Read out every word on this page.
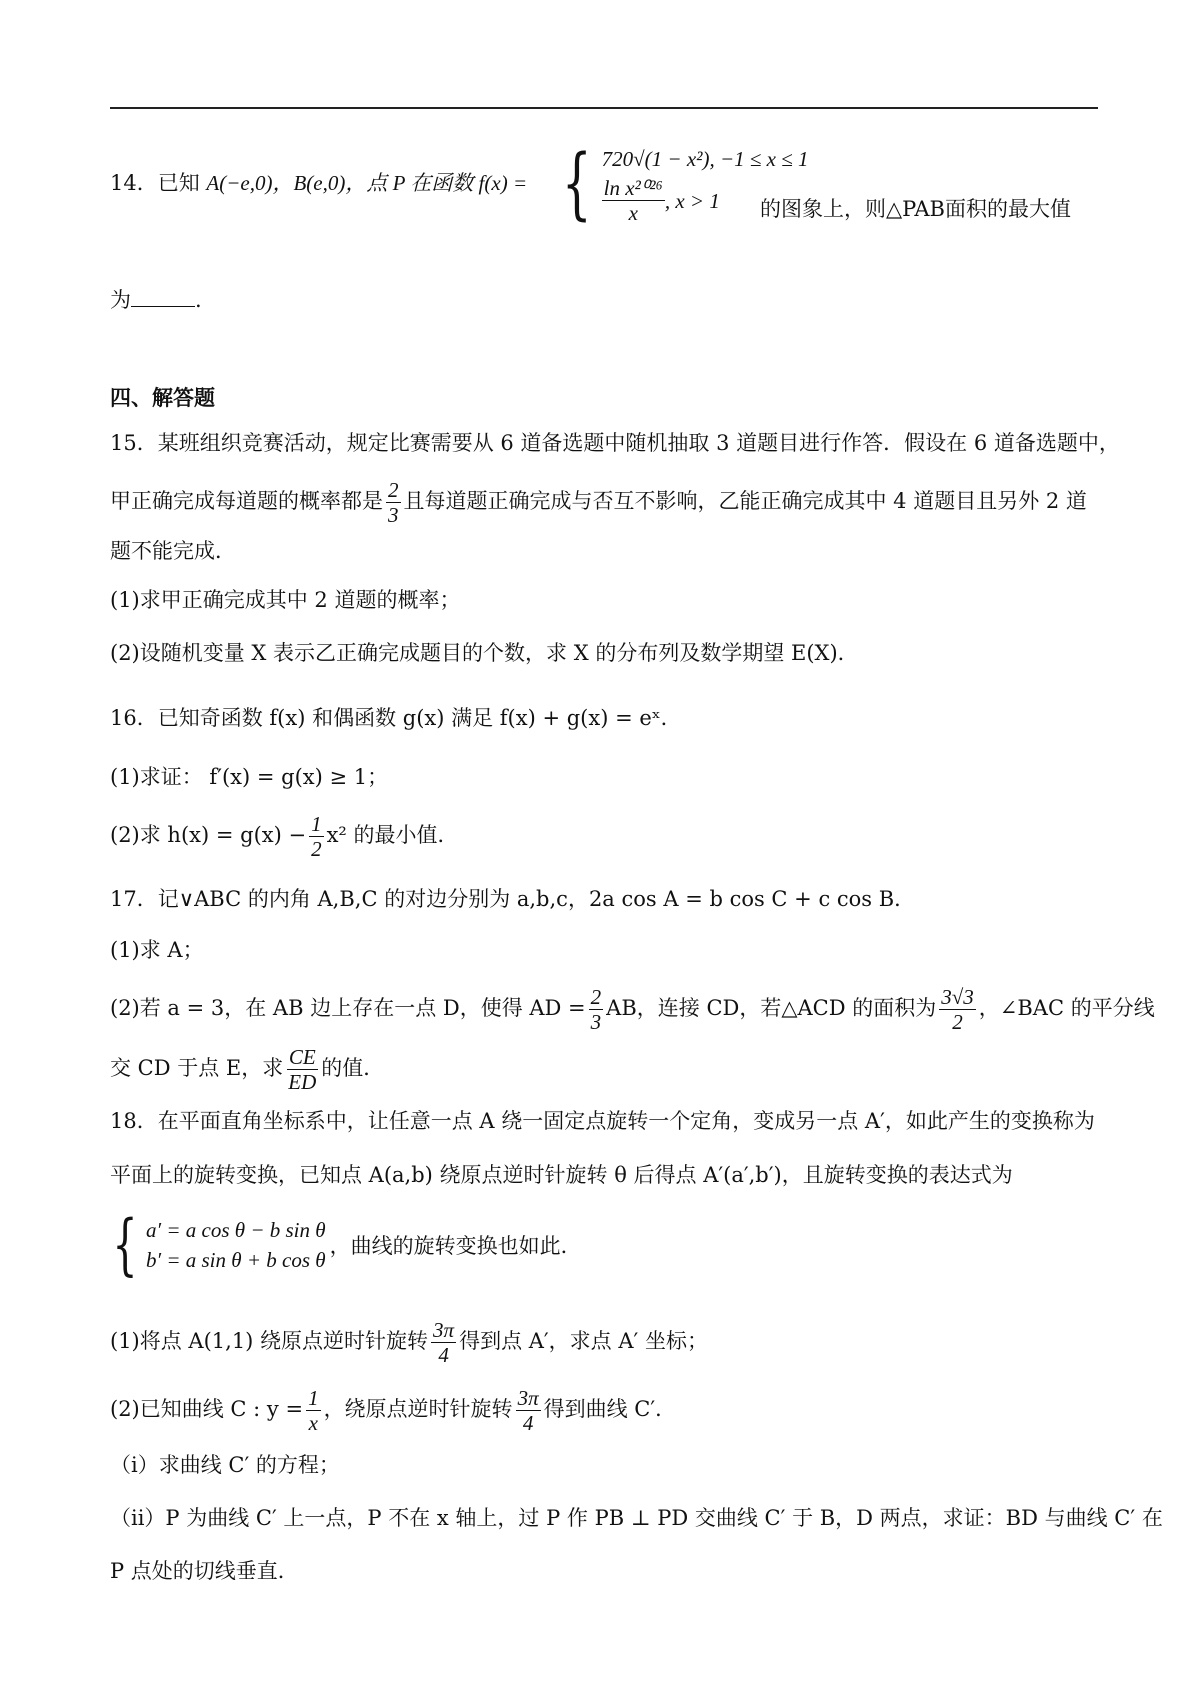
14．已知 A(−e,0)，B(e,0)，点 P 在函数 f(x) = { 720√(1 − x²), −1 ≤ x ≤ 1
$\frac{\text{ln x²⁰²⁶}}{x}$ , x > 1 的图象上，则△PAB面积的最大值
为	.
四、解答题
15．某班组织竞赛活动，规定比赛需要从 6 道备选题中随机抽取 3 道题目进行作答．假设在 6 道备选题中，
甲正确完成每道题的概率都是 $\frac{2}{3}$ 且每道题正确完成与否互不影响，乙能正确完成其中 4 道题目且另外 2 道
题不能完成．
(1)求甲正确完成其中 2 道题的概率；
(2)设随机变量 X 表示乙正确完成题目的个数，求 X 的分布列及数学期望 E(X)．
16．已知奇函数 f(x) 和偶函数 g(x) 满足 f(x) + g(x) = eˣ．
(1)求证： f′(x) = g(x) ≥ 1；
(2)求 $h(x) = g(x) - \frac{1}{2} x^2$ 的最小值．
17．记∨ABC 的内角 A,B,C 的对边分别为 a,b,c，2a cos A = b cos C + c cos B．
(1)求 A；
(2)若 a = 3，在 AB 边上存在一点 D，使得 AD = $\frac{2}{3}$ AB，连接 CD，若△ACD 的面积为 $\frac{3√3}{2}$ ，∠BAC 的平分线
交 CD 于点 E，求 $\frac{CE}{ED}$ 的值．
18．在平面直角坐标系中，让任意一点 A 绕一固定点旋转一个定角，变成另一点 A′，如此产生的变换称为
平面上的旋转变换，已知点 A(a,b) 绕原点逆时针旋转 θ 后得点 A′(a′,b′)，且旋转变换的表达式为
{ a′ = a cos θ − b sin θ
b′ = a sin θ + b cos θ
，曲线的旋转变换也如此．
(1)将点 A(1,1) 绕原点逆时针旋转 $\frac{3\pi}{4}$ 得到点 A′，求点 A′ 坐标；
(2)已知曲线 C : $y = \frac{1}{x}$ ，绕原点逆时针旋转 $\frac{3\pi}{4}$ 得到曲线 C′．
（i）求曲线 C′ 的方程；
（ii）P 为曲线 C′ 上一点，P 不在 x 轴上，过 P 作 PB ⊥ PD 交曲线 C′ 于 B，D 两点，求证：BD 与曲线 C′ 在
P 点处的切线垂直．
